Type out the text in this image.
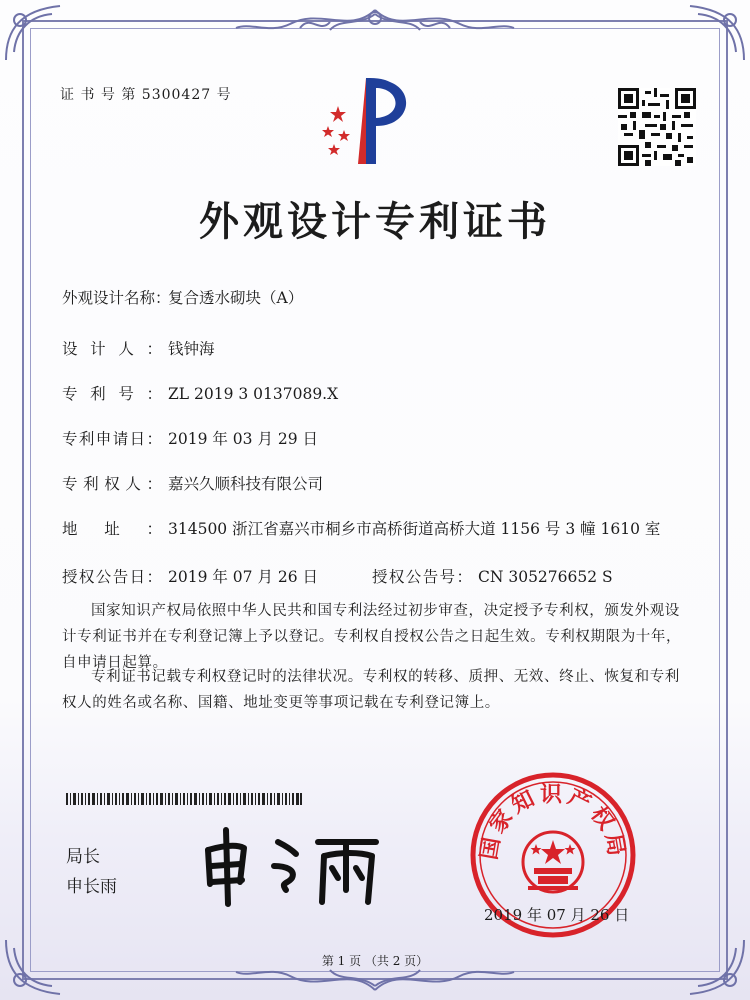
证 书 号 第 5300427 号
外观设计专利证书
外观设计名称：复合透水砌块（A）
设计人： 钱钟海
专利号： ZL 2019 3 0137089.X
专利申请日： 2019 年 03 月 29 日
专利权人： 嘉兴久顺科技有限公司
地址： 314500 浙江省嘉兴市桐乡市高桥街道高桥大道 1156 号 3 幢 1610 室
授权公告日： 2019 年 07 月 26 日	授权公告号： CN 305276652 S
国家知识产权局依照中华人民共和国专利法经过初步审查，决定授予专利权，颁发外观设计专利证书并在专利登记簿上予以登记。专利权自授权公告之日起生效。专利权期限为十年，自申请日起算。
专利证书记载专利权登记时的法律状况。专利权的转移、质押、无效、终止、恢复和专利权人的姓名或名称、国籍、地址变更等事项记载在专利登记簿上。
局长
申长雨
国家知识产权局
2019 年 07 月 26 日
第 1 页 （共 2 页）
